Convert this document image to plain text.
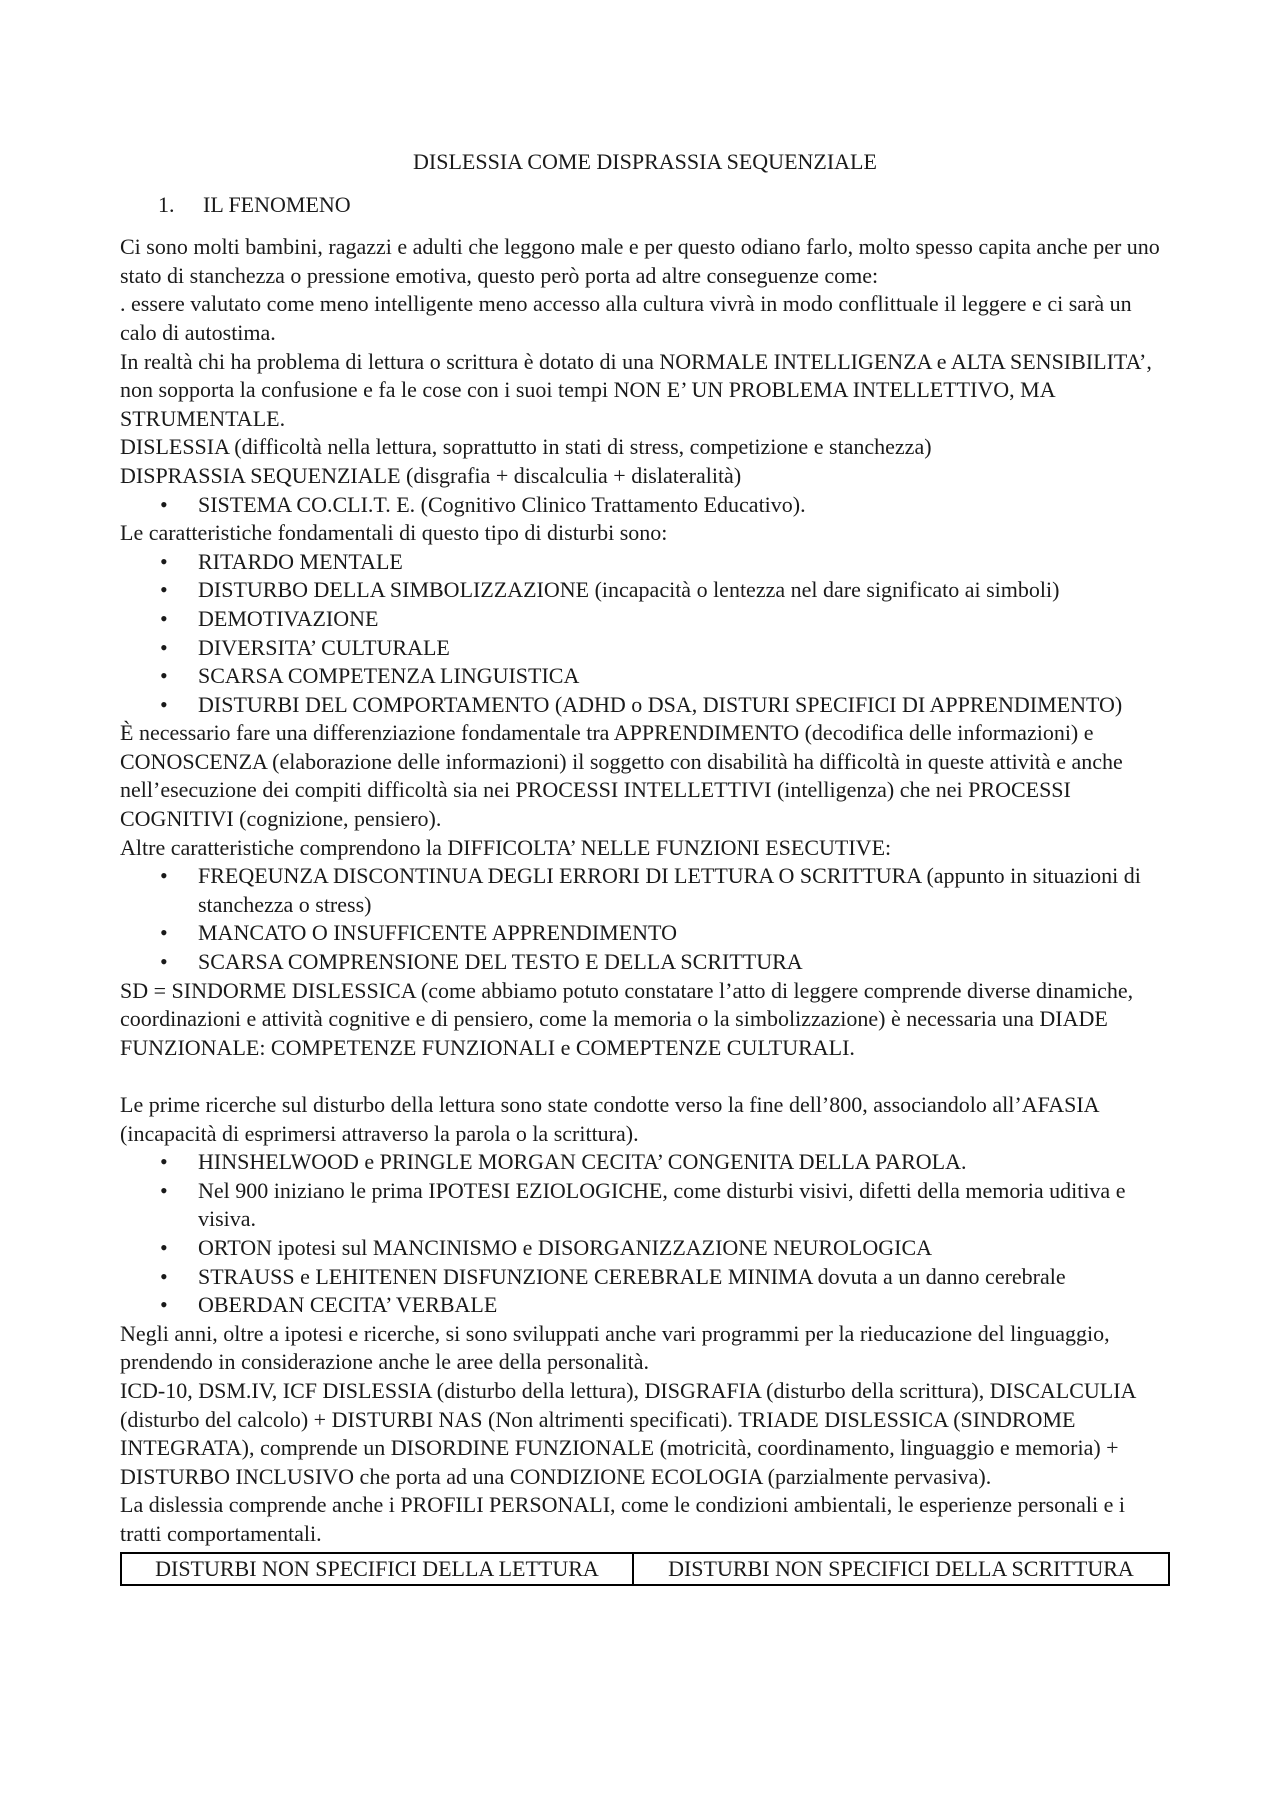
DISLESSIA COME DISPRASSIA SEQUENZIALE
1.	IL FENOMENO

Ci sono molti bambini, ragazzi e adulti che leggono male e per questo odiano farlo, molto spesso capita anche per uno stato di stanchezza o pressione emotiva, questo però porta ad altre conseguenze come:

. essere valutato come meno intelligente meno accesso alla cultura vivrà in modo conflittuale il leggere e ci sarà un calo di autostima.

In realtà chi ha problema di lettura o scrittura è dotato di una NORMALE INTELLIGENZA e ALTA SENSIBILITA’, non sopporta la confusione e fa le cose con i suoi tempi NON E’ UN PROBLEMA INTELLETTIVO, MA STRUMENTALE.

DISLESSIA (difficoltà nella lettura, soprattutto in stati di stress, competizione e stanchezza)

DISPRASSIA SEQUENZIALE (disgrafia + discalculia + dislateralità)

•	SISTEMA CO.CLI.T. E. (Cognitivo Clinico Trattamento Educativo).

Le caratteristiche fondamentali di questo tipo di disturbi sono:

•	RITARDO MENTALE
•	DISTURBO DELLA SIMBOLIZZAZIONE (incapacità o lentezza nel dare significato ai simboli)
•	DEMOTIVAZIONE
•	DIVERSITA’ CULTURALE
•	SCARSA COMPETENZA LINGUISTICA
•	DISTURBI DEL COMPORTAMENTO (ADHD o DSA, DISTURI SPECIFICI DI APPRENDIMENTO)

È necessario fare una differenziazione fondamentale tra APPRENDIMENTO (decodifica delle informazioni) e CONOSCENZA (elaborazione delle informazioni) il soggetto con disabilità ha difficoltà in queste attività e anche nell’esecuzione dei compiti difficoltà sia nei PROCESSI INTELLETTIVI (intelligenza) che nei PROCESSI COGNITIVI (cognizione, pensiero).

Altre caratteristiche comprendono la DIFFICOLTA’ NELLE FUNZIONI ESECUTIVE:

•	FREQEUNZA DISCONTINUA DEGLI ERRORI DI LETTURA O SCRITTURA (appunto in situazioni di stanchezza o stress)
•	MANCATO O INSUFFICENTE APPRENDIMENTO
•	SCARSA COMPRENSIONE DEL TESTO E DELLA SCRITTURA

SD = SINDORME DISLESSICA (come abbiamo potuto constatare l’atto di leggere comprende diverse dinamiche, coordinazioni e attività cognitive e di pensiero, come la memoria o la simbolizzazione) è necessaria una DIADE FUNZIONALE: COMPETENZE FUNZIONALI e COMEPTENZE CULTURALI.

Le prime ricerche sul disturbo della lettura sono state condotte verso la fine dell’800, associandolo all’AFASIA (incapacità di esprimersi attraverso la parola o la scrittura).

•	HINSHELWOOD e PRINGLE MORGAN CECITA’ CONGENITA DELLA PAROLA.
•	Nel 900 iniziano le prima IPOTESI EZIOLOGICHE, come disturbi visivi, difetti della memoria uditiva e visiva.
•	ORTON ipotesi sul MANCINISMO e DISORGANIZZAZIONE NEUROLOGICA
•	STRAUSS e LEHITENEN DISFUNZIONE CEREBRALE MINIMA dovuta a un danno cerebrale
•	OBERDAN CECITA’ VERBALE

Negli anni, oltre a ipotesi e ricerche, si sono sviluppati anche vari programmi per la rieducazione del linguaggio, prendendo in considerazione anche le aree della personalità.

ICD-10, DSM.IV, ICF DISLESSIA (disturbo della lettura), DISGRAFIA (disturbo della scrittura), DISCALCULIA (disturbo del calcolo) + DISTURBI NAS (Non altrimenti specificati). TRIADE DISLESSICA (SINDROME INTEGRATA), comprende un DISORDINE FUNZIONALE (motricità, coordinamento, linguaggio e memoria) + DISTURBO INCLUSIVO che porta ad una CONDIZIONE ECOLOGIA (parzialmente pervasiva).

La dislessia comprende anche i PROFILI PERSONALI, come le condizioni ambientali, le esperienze personali e i tratti comportamentali.

DISTURBI NON SPECIFICI DELLA LETTURA	DISTURBI NON SPECIFICI DELLA SCRITTURA
